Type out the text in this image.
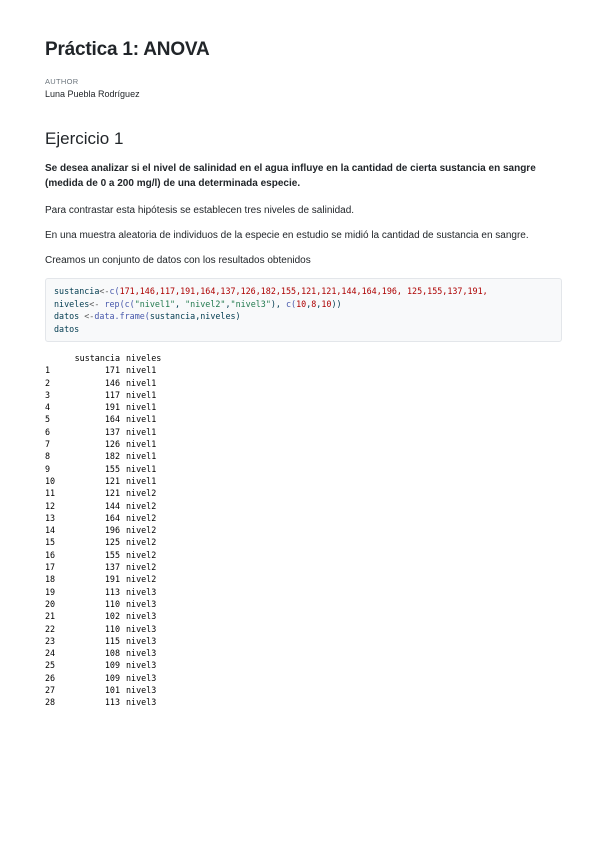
Práctica 1: ANOVA
AUTHOR
Luna Puebla Rodríguez
Ejercicio 1

Se desea analizar si el nivel de salinidad en el agua influye en la cantidad de cierta sustancia en sangre (medida de 0 a 200 mg/l) de una determinada especie.

Para contrastar esta hipótesis se establecen tres niveles de salinidad.

En una muestra aleatoria de individuos de la especie en estudio se midió la cantidad de sustancia en sangre.

Creamos un conjunto de datos con los resultados obtenidos

sustancia<-c(171,146,117,191,164,137,126,182,155,121,121,144,164,196, 125,155,137,191,
niveles<- rep(c("nivel1", "nivel2","nivel3"), c(10,8,10))
datos <-data.frame(sustancia,niveles)
datos
sustancia niveles
1	171 nivel1
2	146 nivel1
3	117 nivel1
4	191 nivel1
5	164 nivel1
6	137 nivel1
7	126 nivel1
8	182 nivel1
9	155 nivel1
10	121 nivel1
11	121 nivel2
12	144 nivel2
13	164 nivel2
14	196 nivel2
15	125 nivel2
16	155 nivel2
17	137 nivel2
18	191 nivel2
19	113 nivel3
20	110 nivel3
21	102 nivel3
22	110 nivel3
23	115 nivel3
24	108 nivel3
25	109 nivel3
26	109 nivel3
27	101 nivel3
28	113 nivel3
